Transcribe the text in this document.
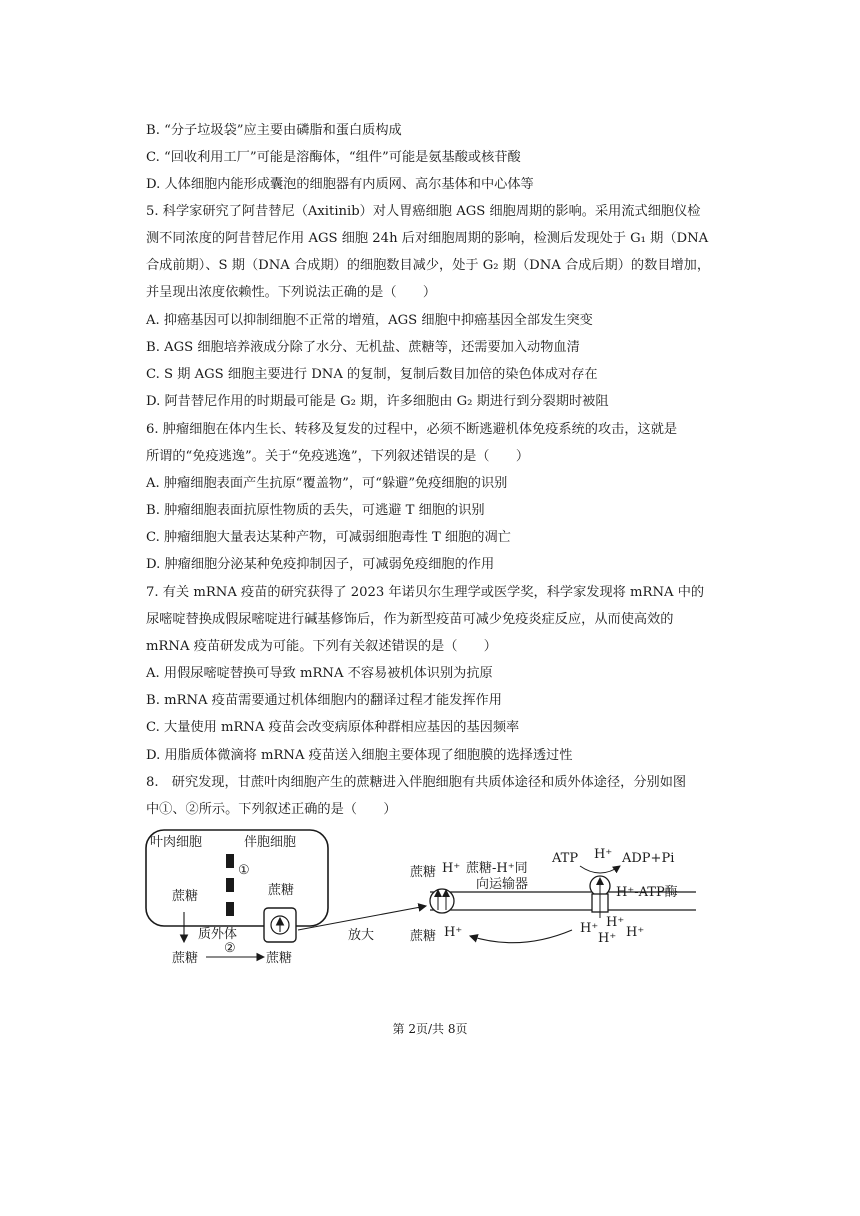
B. “分子垃圾袋”应主要由磷脂和蛋白质构成
C. “回收利用工厂”可能是溶酶体，“组件”可能是氨基酸或核苷酸
D. 人体细胞内能形成囊泡的细胞器有内质网、高尔基体和中心体等
5. 科学家研究了阿昔替尼（Axitinib）对人胃癌细胞 AGS 细胞周期的影响。采用流式细胞仪检
测不同浓度的阿昔替尼作用 AGS 细胞 24h 后对细胞周期的影响，检测后发现处于 G₁ 期（DNA
合成前期）、S 期（DNA 合成期）的细胞数目减少，处于 G₂ 期（DNA 合成后期）的数目增加，
并呈现出浓度依赖性。下列说法正确的是（　　）
A. 抑癌基因可以抑制细胞不正常的增殖，AGS 细胞中抑癌基因全部发生突变
B. AGS 细胞培养液成分除了水分、无机盐、蔗糖等，还需要加入动物血清
C. S 期 AGS 细胞主要进行 DNA 的复制，复制后数目加倍的染色体成对存在
D. 阿昔替尼作用的时期最可能是 G₂ 期，许多细胞由 G₂ 期进行到分裂期时被阻
6. 肿瘤细胞在体内生长、转移及复发的过程中，必须不断逃避机体免疫系统的攻击，这就是
所谓的“免疫逃逸”。关于“免疫逃逸”，下列叙述错误的是（　　）
A. 肿瘤细胞表面产生抗原“覆盖物”，可“躲避”免疫细胞的识别
B. 肿瘤细胞表面抗原性物质的丢失，可逃避 T 细胞的识别
C. 肿瘤细胞大量表达某种产物，可减弱细胞毒性 T 细胞的凋亡
D. 肿瘤细胞分泌某种免疫抑制因子，可减弱免疫细胞的作用
7. 有关 mRNA 疫苗的研究获得了 2023 年诺贝尔生理学或医学奖，科学家发现将 mRNA 中的
尿嘧啶替换成假尿嘧啶进行碱基修饰后，作为新型疫苗可减少免疫炎症反应，从而使高效的
mRNA 疫苗研发成为可能。下列有关叙述错误的是（　　）
A. 用假尿嘧啶替换可导致 mRNA 不容易被机体识别为抗原
B. mRNA 疫苗需要通过机体细胞内的翻译过程才能发挥作用
C. 大量使用 mRNA 疫苗会改变病原体种群相应基因的基因频率
D. 用脂质体微滴将 mRNA 疫苗送入细胞主要体现了细胞膜的选择透过性
8.　研究发现，甘蔗叶肉细胞产生的蔗糖进入伴胞细胞有共质体途径和质外体途径，分别如图
中①、②所示。下列叙述正确的是（　　）
叶肉细胞	伴胞细胞
①
蔗糖	蔗糖
质外体
蔗糖
②
蔗糖
放大
蔗糖 H⁺
蔗糖 H⁺
蔗糖-H⁺同
向运输器
ATP H⁺ ADP+Pi
H⁺-ATP酶
H⁺ H⁺
H⁺ H⁺
第 2页/共 8页
